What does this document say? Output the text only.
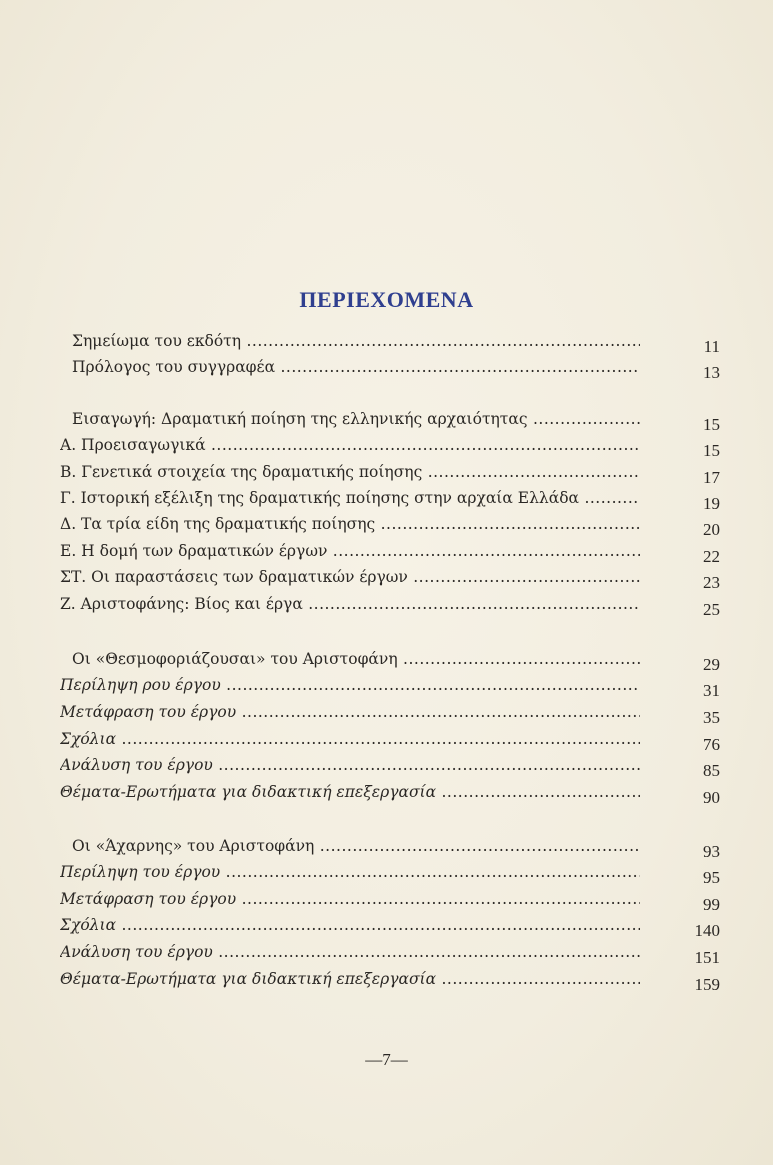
ΠΕΡΙΕΧΟΜΕΝΑ
Σημείωμα του εκδότη .....	11
Πρόλογος του συγγραφέα .....	13
Εισαγωγή: Δραματική ποίηση της ελληνικής αρχαιότητας .....	15
Α. Προεισαγωγικά .....	15
Β. Γενετικά στοιχεία της δραματικής ποίησης .....	17
Γ. Ιστορική εξέλιξη της δραματικής ποίησης στην αρχαία Ελλάδα .....	19
Δ. Τα τρία είδη της δραματικής ποίησης .....	20
Ε. Η δομή των δραματικών έργων .....	22
ΣΤ. Οι παραστάσεις των δραματικών έργων .....	23
Ζ. Αριστοφάνης: Βίος και έργα .....	25
Οι «Θεσμοφοριάζουσαι» του Αριστοφάνη .....	29
Περίληψη ρου έργου .....	31
Μετάφραση του έργου .....	35
Σχόλια .....	76
Ανάλυση του έργου .....	85
Θέματα-Ερωτήματα για διδακτική επεξεργασία .....	90
Οι «Άχαρνης» του Αριστοφάνη .....	93
Περίληψη του έργου .....	95
Μετάφραση του έργου .....	99
Σχόλια .....	140
Ανάλυση του έργου .....	151
Θέματα-Ερωτήματα για διδακτική επεξεργασία .....	159
—7—
